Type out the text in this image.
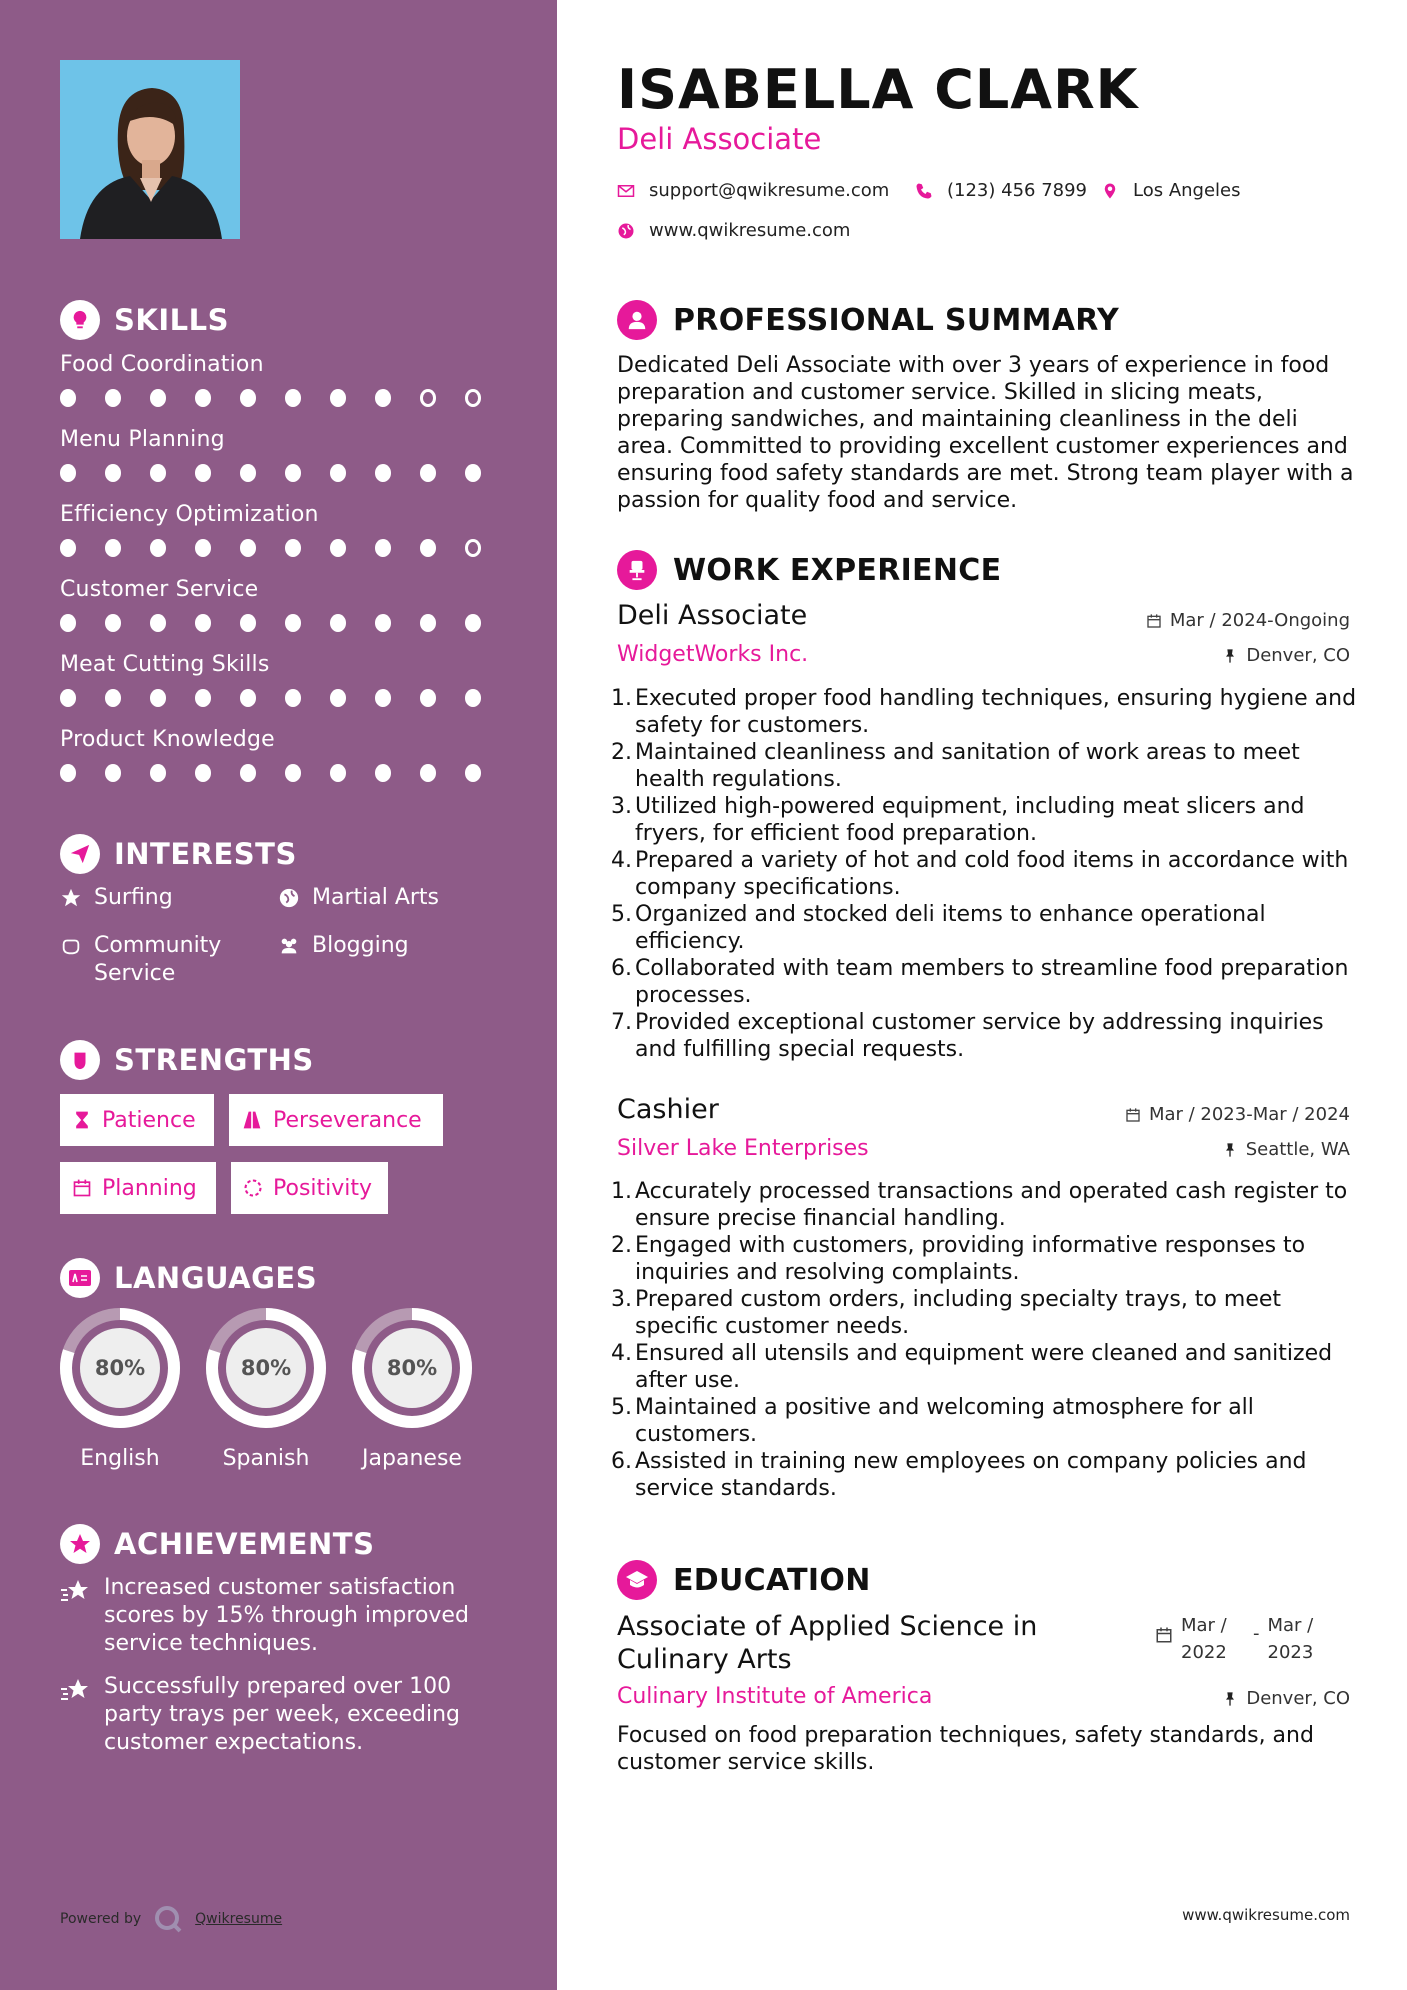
SKILLS
Food Coordination
Menu Planning
Efficiency Optimization
Customer Service
Meat Cutting Skills
Product Knowledge
INTERESTS
Surfing	Martial Arts
Community Service
Blogging
STRENGTHS
Patience	Perseverance
Planning	Positivity
LANGUAGES
80%
English
80%
Spanish
80%
Japanese
ACHIEVEMENTS
Increased customer satisfaction scores by 15% through improved service techniques.
Successfully prepared over 100 party trays per week, exceeding customer expectations.
Powered by	Qwikresume
ISABELLA CLARK
Deli Associate
support@qwikresume.com	(123) 456 7899	Los Angeles
www.qwikresume.com
PROFESSIONAL SUMMARY

Dedicated Deli Associate with over 3 years of experience in food preparation and customer service. Skilled in slicing meats, preparing sandwiches, and maintaining cleanliness in the deli area. Committed to providing excellent customer experiences and ensuring food safety standards are met. Strong team player with a passion for quality food and service.

WORK EXPERIENCE
Deli Associate	Mar / 2024-Ongoing
WidgetWorks Inc.	Denver, CO
Executed proper food handling techniques, ensuring hygiene and safety for customers.
Maintained cleanliness and sanitation of work areas to meet health regulations.
Utilized high-powered equipment, including meat slicers and fryers, for efficient food preparation.
Prepared a variety of hot and cold food items in accordance with company specifications.
Organized and stocked deli items to enhance operational efficiency.
Collaborated with team members to streamline food preparation processes.
Provided exceptional customer service by addressing inquiries and fulfilling special requests.
Cashier	Mar / 2023-Mar / 2024
Silver Lake Enterprises	Seattle, WA
Accurately processed transactions and operated cash register to ensure precise financial handling.
Engaged with customers, providing informative responses to inquiries and resolving complaints.
Prepared custom orders, including specialty trays, to meet specific customer needs.
Ensured all utensils and equipment were cleaned and sanitized after use.
Maintained a positive and welcoming atmosphere for all customers.
Assisted in training new employees on company policies and service standards.
EDUCATION
Associate of Applied Science in Culinary Arts
Mar / 2022
- Mar / 2023
Culinary Institute of America	Denver, CO

Focused on food preparation techniques, safety standards, and customer service skills.

www.qwikresume.com
